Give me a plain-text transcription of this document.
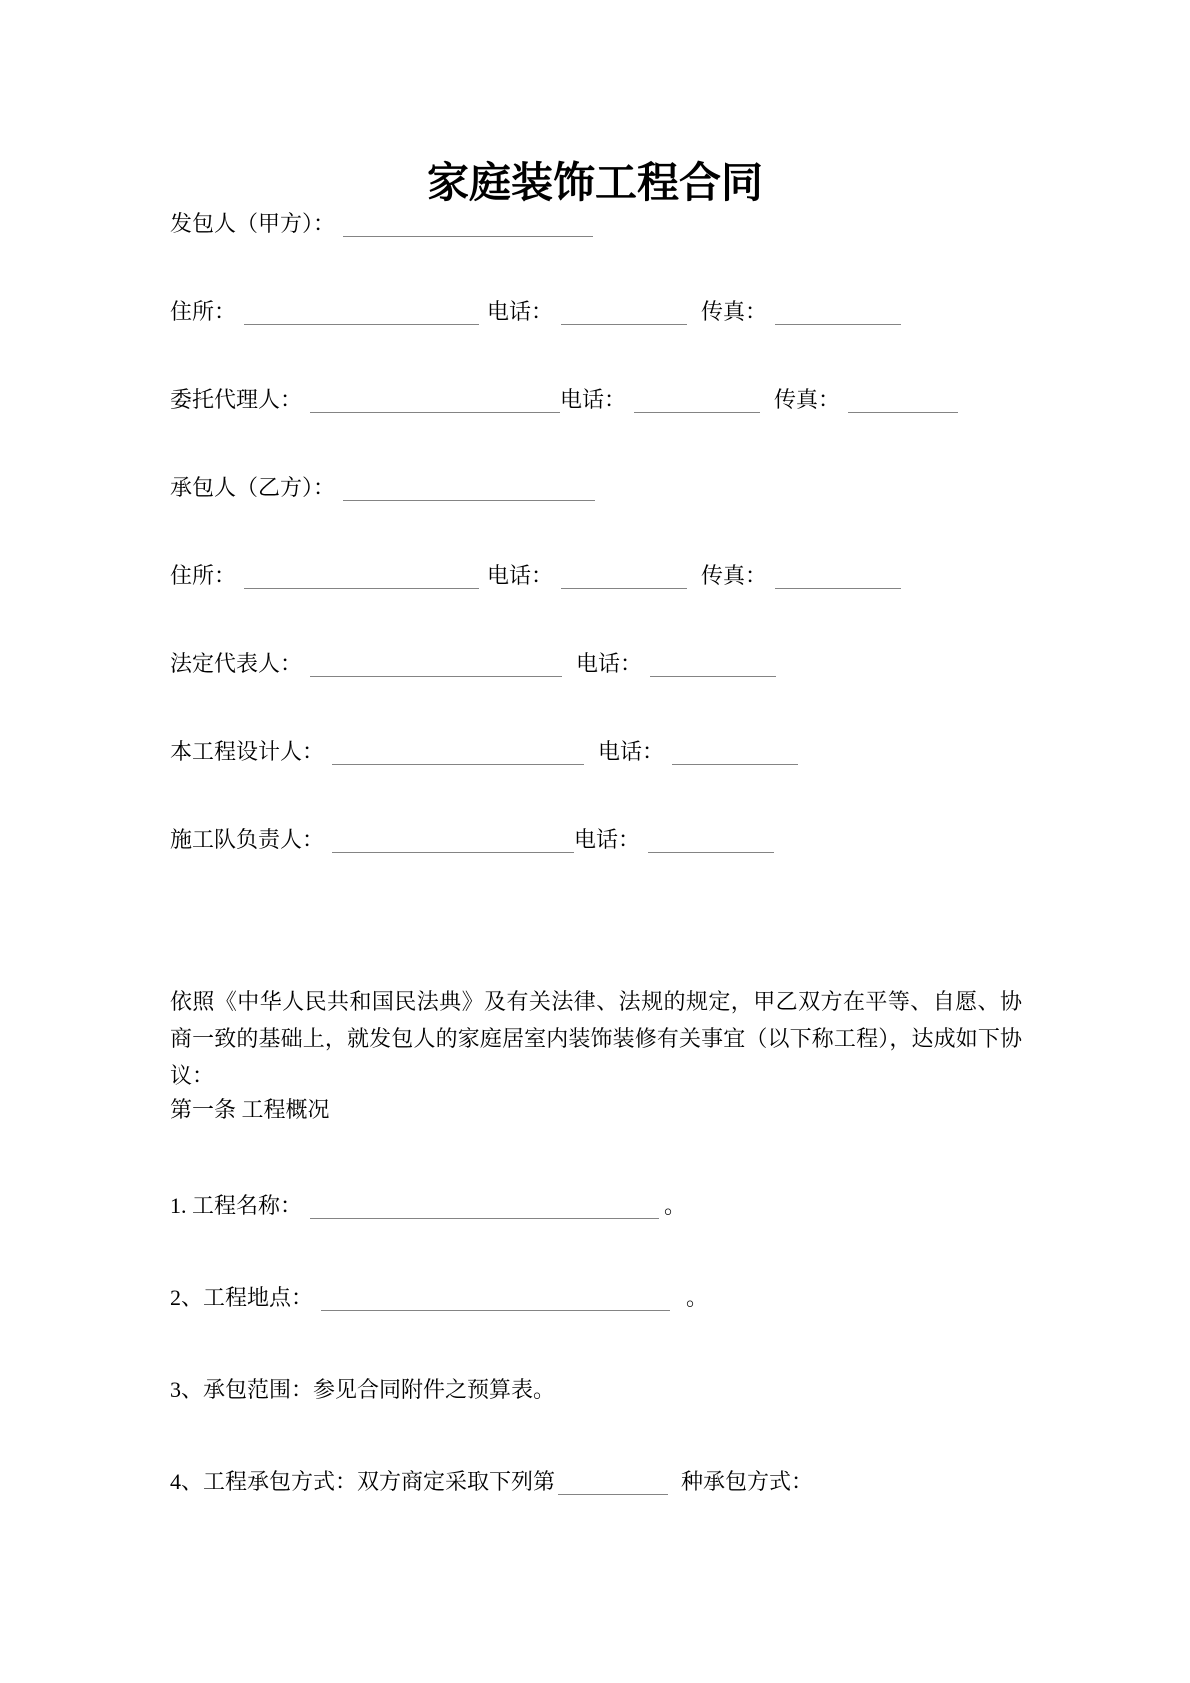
家庭装饰工程合同
发包人（甲方）：
住所：	电话：	传真：
委托代理人：	电话：	传真：
承包人（乙方）：
住所：	电话：	传真：
法定代表人：	电话：
本工程设计人：	电话：
施工队负责人：	电话：

依照《中华人民共和国民法典》及有关法律、法规的规定，甲乙双方在平等、自愿、协商一致的基础上，就发包人的家庭居室内装饰装修有关事宜（以下称工程），达成如下协议：

第一条 工程概况
1. 工程名称：	。
2、工程地点：	。
3、承包范围：参见合同附件之预算表。
4、工程承包方式：双方商定采取下列第	种承包方式：
